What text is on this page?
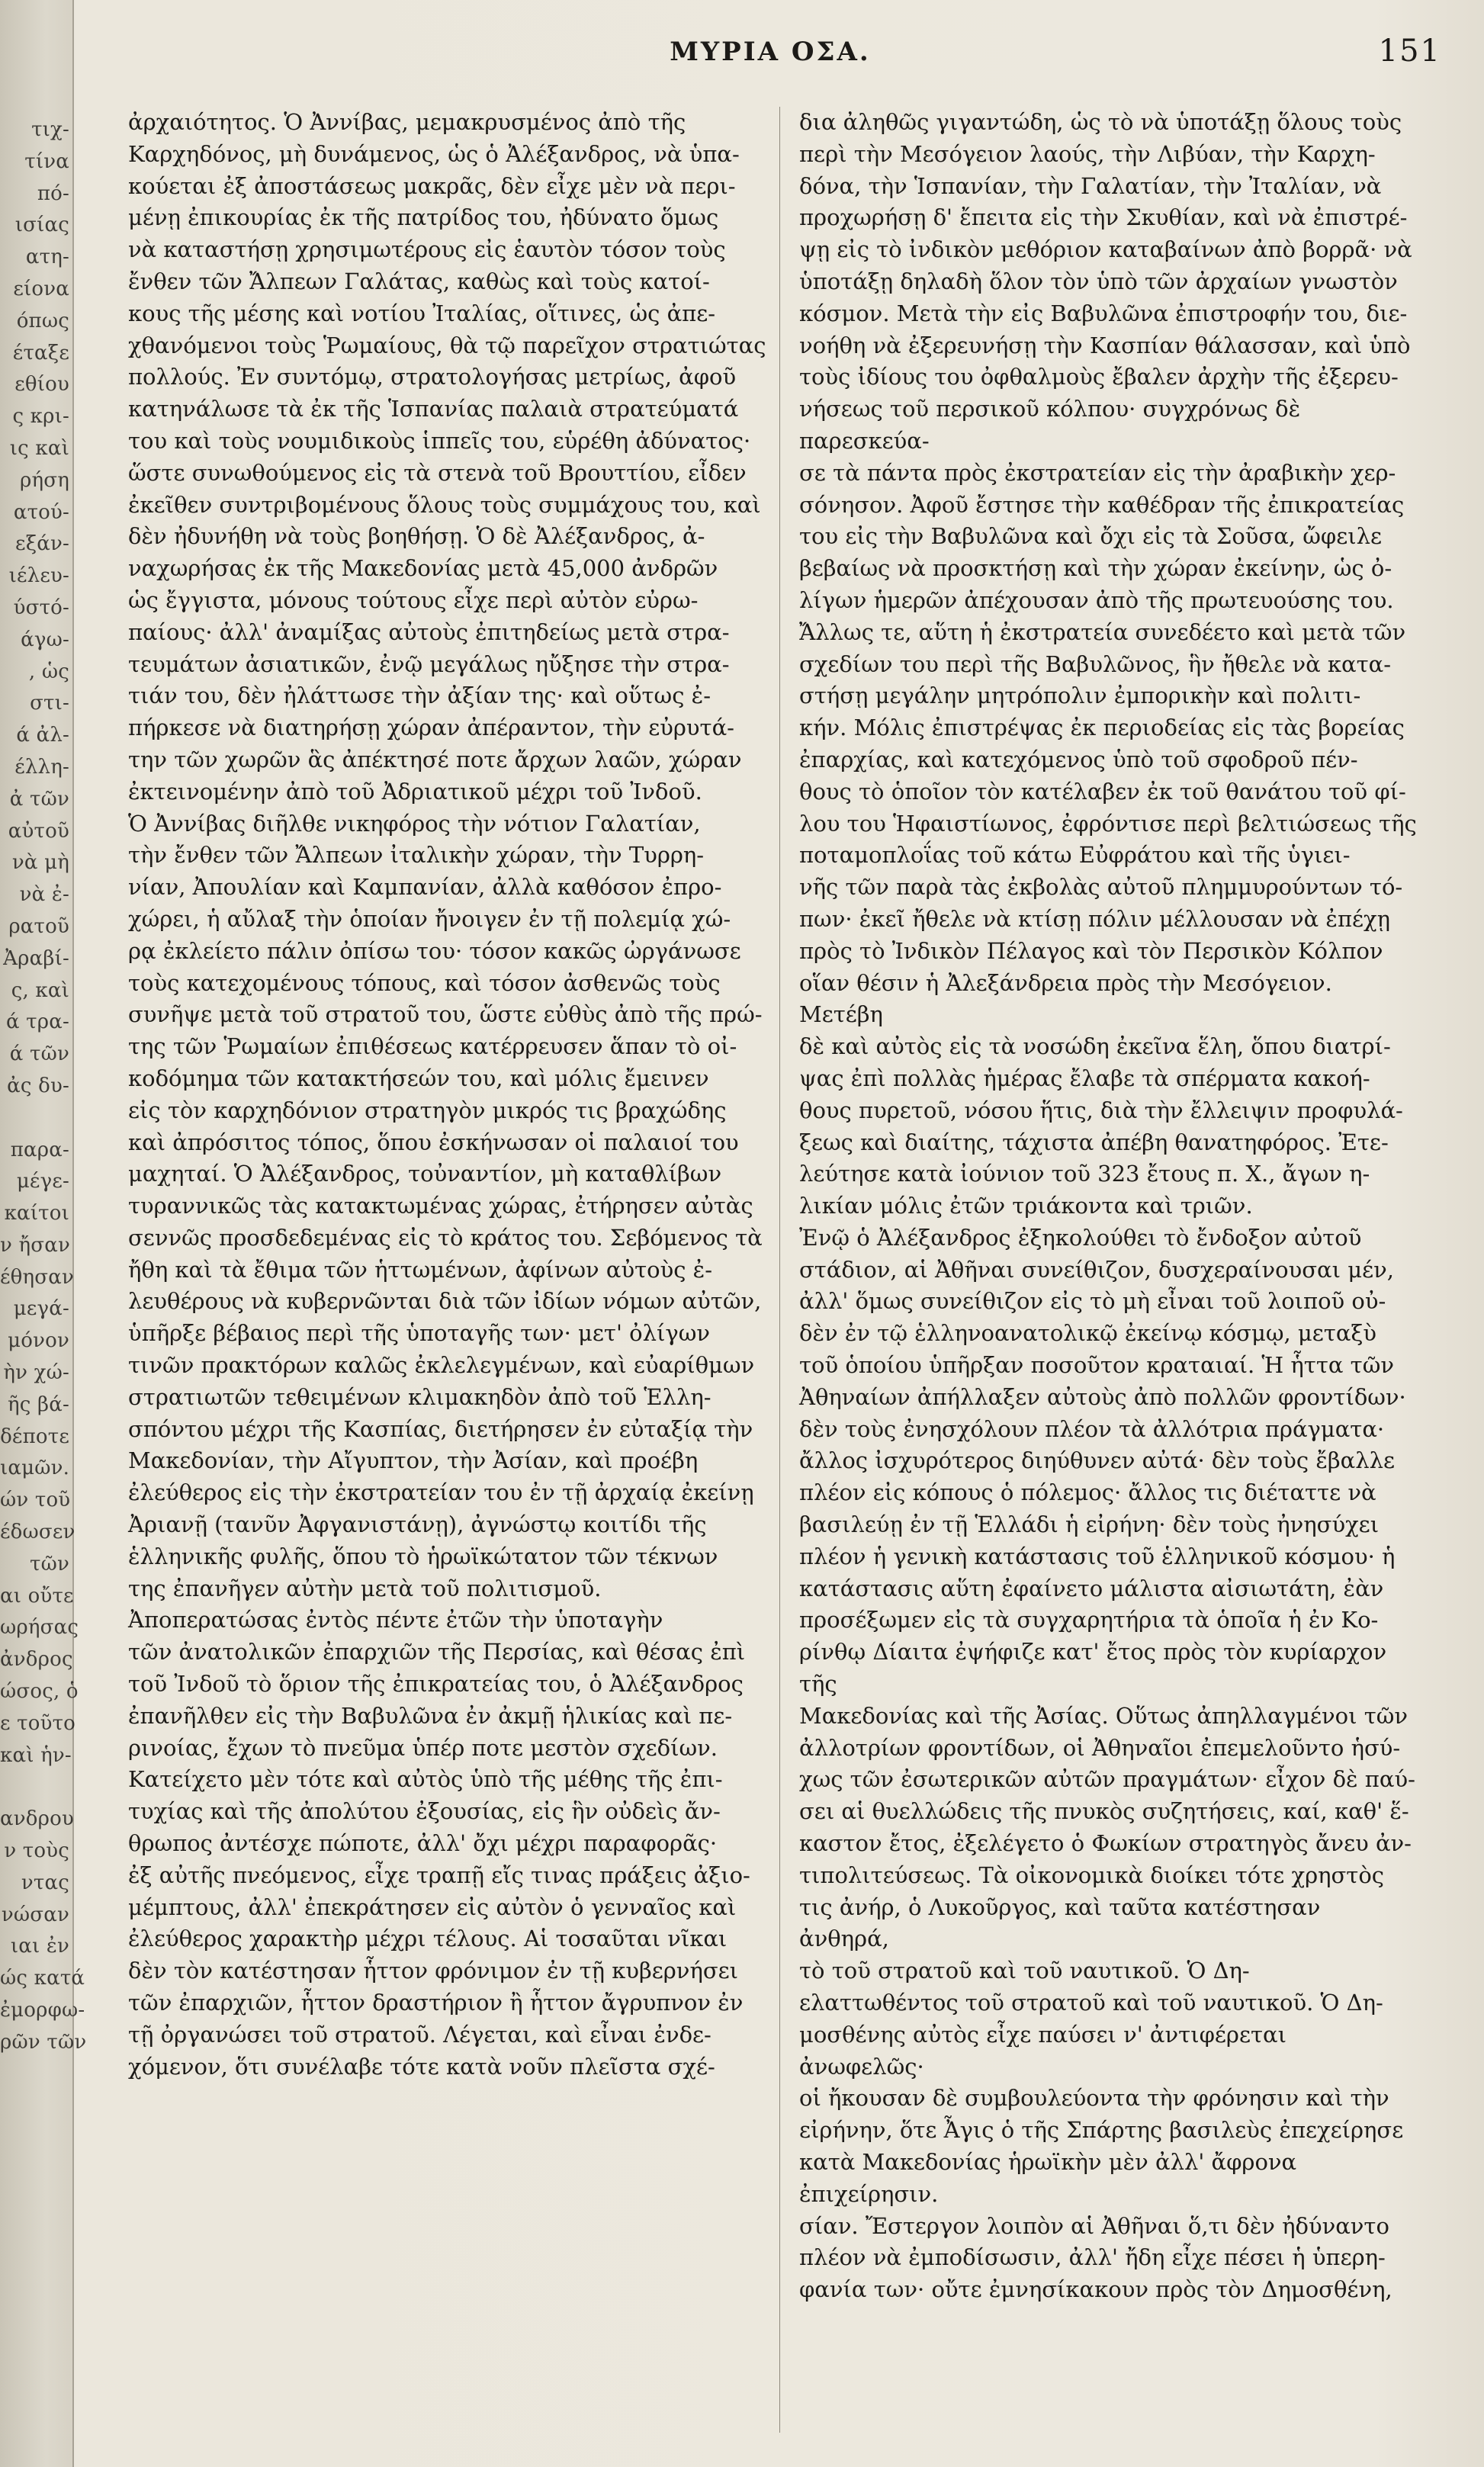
τιχ-
τίνα
πό-
ισίας
ατη-
είονα
όπως
έταξε
εθίου
ς κρι-
ις καὶ
ρήση
ατού-
εξάν-
ιέλευ-
ύστό-
άγω-
, ὡς
στι-
ά ἀλ-
έλλη-
ἀ τῶν
αὐτοῦ
νὰ μὴ
νὰ ἐ-
ρατοῦ
Ἀραβί-
ς, καὶ
ά τρα-
ά τῶν
ἀς δυ-
παρα-
μέγε-
καίτοι
ν ἤσαν
έθησαν
μεγά-
μόνον
ὴν χώ-
ῆς βά-
δέποτε
ιαμῶν.
ών τοῦ
έδωσεν
τῶν
αι οὔτε
ωρήσας
ἀνδρος
ώσος, ὁ
ε τοῦτο
καὶ ἡν-
ανδρου
ν τοὺς
ντας
νώσαν
ιαι ἐν
ώς κατά
ἐμορφω-
ρῶν τῶν
ΜΥΡΙΑ ΟΣΑ.	151

ἀρχαιότητος. Ὁ Ἀννίβας, μεμακρυσμένος ἀπὸ τῆς
Καρχηδόνος, μὴ δυνάμενος, ὡς ὁ Ἀλέξανδρος, νὰ ὑπα-
κούεται ἐξ ἀποστάσεως μακρᾶς, δὲν εἶχε μὲν νὰ περι-
μένῃ ἐπικουρίας ἐκ τῆς πατρίδος του, ἠδύνατο ὅμως
νὰ καταστήσῃ χρησιμωτέρους εἰς ἑαυτὸν τόσον τοὺς
ἔνθεν τῶν Ἄλπεων Γαλάτας, καθὼς καὶ τοὺς κατοί-
κους τῆς μέσης καὶ νοτίου Ἰταλίας, οἵτινες, ὡς ἀπε-
χθανόμενοι τοὺς Ῥωμαίους, θὰ τῷ παρεῖχον στρατιώτας
πολλούς. Ἐν συντόμῳ, στρατολογήσας μετρίως, ἀφοῦ
κατηνάλωσε τὰ ἐκ τῆς Ἱσπανίας παλαιὰ στρατεύματά
του καὶ τοὺς νουμιδικοὺς ἱππεῖς του, εὑρέθη ἀδύνατος·
ὥστε συνωθούμενος εἰς τὰ στενὰ τοῦ Βρουττίου, εἶδεν
ἐκεῖθεν συντριβομένους ὅλους τοὺς συμμάχους του, καὶ
δὲν ἠδυνήθη νὰ τοὺς βοηθήσῃ. Ὁ δὲ Ἀλέξανδρος, ἀ-
ναχωρήσας ἐκ τῆς Μακεδονίας μετὰ 45,000 ἀνδρῶν
ὡς ἔγγιστα, μόνους τούτους εἶχε περὶ αὐτὸν εὐρω-
παίους· ἀλλ' ἀναμίξας αὐτοὺς ἐπιτηδείως μετὰ στρα-
τευμάτων ἀσιατικῶν, ἐνῷ μεγάλως ηὔξησε τὴν στρα-
τιάν του, δὲν ἠλάττωσε τὴν ἀξίαν της· καὶ οὕτως ἐ-
πήρκεσε νὰ διατηρήσῃ χώραν ἀπέραντον, τὴν εὐρυτά-
την τῶν χωρῶν ἃς ἀπέκτησέ ποτε ἄρχων λαῶν, χώραν
ἐκτεινομένην ἀπὸ τοῦ Ἀδριατικοῦ μέχρι τοῦ Ἰνδοῦ.

Ὁ Ἀννίβας διῆλθε νικηφόρος τὴν νότιον Γαλατίαν,
τὴν ἔνθεν τῶν Ἄλπεων ἰταλικὴν χώραν, τὴν Τυρρη-
νίαν, Ἀπουλίαν καὶ Καμπανίαν, ἀλλὰ καθόσον ἐπρο-
χώρει, ἡ αὔλαξ τὴν ὁποίαν ἤνοιγεν ἐν τῇ πολεμίᾳ χώ-
ρᾳ ἐκλείετο πάλιν ὀπίσω του· τόσον κακῶς ὠργάνωσε
τοὺς κατεχομένους τόπους, καὶ τόσον ἀσθενῶς τοὺς
συνῆψε μετὰ τοῦ στρατοῦ του, ὥστε εὐθὺς ἀπὸ τῆς πρώ-
της τῶν Ῥωμαίων ἐπιθέσεως κατέρρευσεν ἅπαν τὸ οἰ-
κοδόμημα τῶν κατακτήσεών του, καὶ μόλις ἔμεινεν
εἰς τὸν καρχηδόνιον στρατηγὸν μικρός τις βραχώδης
καὶ ἀπρόσιτος τόπος, ὅπου ἐσκήνωσαν οἱ παλαιοί του
μαχηταί. Ὁ Ἀλέξανδρος, τοὐναντίον, μὴ καταθλίβων
τυραννικῶς τὰς κατακτωμένας χώρας, ἐτήρησεν αὐτὰς
σεννῶς προσδεδεμένας εἰς τὸ κράτος του. Σεβόμενος τὰ
ἤθη καὶ τὰ ἔθιμα τῶν ἡττωμένων, ἀφίνων αὐτοὺς ἐ-
λευθέρους νὰ κυβερνῶνται διὰ τῶν ἰδίων νόμων αὐτῶν,
ὑπῆρξε βέβαιος περὶ τῆς ὑποταγῆς των· μετ' ὀλίγων
τινῶν πρακτόρων καλῶς ἐκλελεγμένων, καὶ εὐαρίθμων
στρατιωτῶν τεθειμένων κλιμακηδὸν ἀπὸ τοῦ Ἑλλη-
σπόντου μέχρι τῆς Κασπίας, διετήρησεν ἐν εὐταξίᾳ τὴν
Μακεδονίαν, τὴν Αἴγυπτον, τὴν Ἀσίαν, καὶ προέβη
ἐλεύθερος εἰς τὴν ἐκστρατείαν του ἐν τῇ ἀρχαίᾳ ἐκείνῃ
Ἀριανῇ (τανῦν Ἀφγανιστάνῃ), ἀγνώστῳ κοιτίδι τῆς
ἑλληνικῆς φυλῆς, ὅπου τὸ ἡρωϊκώτατον τῶν τέκνων
της ἐπανῆγεν αὐτὴν μετὰ τοῦ πολιτισμοῦ.

Ἀποπερατώσας ἐντὸς πέντε ἐτῶν τὴν ὑποταγὴν
τῶν ἀνατολικῶν ἐπαρχιῶν τῆς Περσίας, καὶ θέσας ἐπὶ
τοῦ Ἰνδοῦ τὸ ὅριον τῆς ἐπικρατείας του, ὁ Ἀλέξανδρος
ἐπανῆλθεν εἰς τὴν Βαβυλῶνα ἐν ἀκμῇ ἡλικίας καὶ πε-
ρινοίας, ἔχων τὸ πνεῦμα ὑπέρ ποτε μεστὸν σχεδίων.
Κατείχετο μὲν τότε καὶ αὐτὸς ὑπὸ τῆς μέθης τῆς ἐπι-
τυχίας καὶ τῆς ἀπολύτου ἐξουσίας, εἰς ἣν οὐδεὶς ἄν-
θρωπος ἀντέσχε πώποτε, ἀλλ' ὄχι μέχρι παραφορᾶς·
ἐξ αὐτῆς πνεόμενος, εἶχε τραπῇ εἴς τινας πράξεις ἀξιο-
μέμπτους, ἀλλ' ἐπεκράτησεν εἰς αὐτὸν ὁ γενναῖος καὶ
ἐλεύθερος χαρακτὴρ μέχρι τέλους. Αἱ τοσαῦται νῖκαι
δὲν τὸν κατέστησαν ἧττον φρόνιμον ἐν τῇ κυβερνήσει
τῶν ἐπαρχιῶν, ἧττον δραστήριον ἢ ἧττον ἄγρυπνον ἐν
τῇ ὀργανώσει τοῦ στρατοῦ. Λέγεται, καὶ εἶναι ἐνδε-
χόμενον, ὅτι συνέλαβε τότε κατὰ νοῦν πλεῖστα σχέ-

δια ἀληθῶς γιγαντώδη, ὡς τὸ νὰ ὑποτάξῃ ὅλους τοὺς
περὶ τὴν Μεσόγειον λαούς, τὴν Λιβύαν, τὴν Καρχη-
δόνα, τὴν Ἱσπανίαν, τὴν Γαλατίαν, τὴν Ἰταλίαν, νὰ
προχωρήσῃ δ' ἔπειτα εἰς τὴν Σκυθίαν, καὶ νὰ ἐπιστρέ-
ψῃ εἰς τὸ ἰνδικὸν μεθόριον καταβαίνων ἀπὸ βορρᾶ· νὰ
ὑποτάξῃ δηλαδὴ ὅλον τὸν ὑπὸ τῶν ἀρχαίων γνωστὸν
κόσμον. Μετὰ τὴν εἰς Βαβυλῶνα ἐπιστροφήν του, διε-
νοήθη νὰ ἐξερευνήσῃ τὴν Κασπίαν θάλασσαν, καὶ ὑπὸ
τοὺς ἰδίους του ὀφθαλμοὺς ἔβαλεν ἀρχὴν τῆς ἐξερευ-
νήσεως τοῦ περσικοῦ κόλπου· συγχρόνως δὲ παρεσκεύα-
σε τὰ πάντα πρὸς ἐκστρατείαν εἰς τὴν ἀραβικὴν χερ-
σόνησον. Ἀφοῦ ἔστησε τὴν καθέδραν τῆς ἐπικρατείας
του εἰς τὴν Βαβυλῶνα καὶ ὄχι εἰς τὰ Σοῦσα, ὤφειλε
βεβαίως νὰ προσκτήσῃ καὶ τὴν χώραν ἐκείνην, ὡς ὀ-
λίγων ἡμερῶν ἀπέχουσαν ἀπὸ τῆς πρωτευούσης του.
Ἄλλως τε, αὕτη ἡ ἐκστρατεία συνεδέετο καὶ μετὰ τῶν
σχεδίων του περὶ τῆς Βαβυλῶνος, ἣν ἤθελε νὰ κατα-
στήσῃ μεγάλην μητρόπολιν ἐμπορικὴν καὶ πολιτι-
κήν. Μόλις ἐπιστρέψας ἐκ περιοδείας εἰς τὰς βορείας
ἐπαρχίας, καὶ κατεχόμενος ὑπὸ τοῦ σφοδροῦ πέν-
θους τὸ ὁποῖον τὸν κατέλαβεν ἐκ τοῦ θανάτου τοῦ φί-
λου του Ἡφαιστίωνος, ἐφρόντισε περὶ βελτιώσεως τῆς
ποταμοπλοΐας τοῦ κάτω Εὐφράτου καὶ τῆς ὑγιει-
νῆς τῶν παρὰ τὰς ἐκβολὰς αὐτοῦ πλημμυρούντων τό-
πων· ἐκεῖ ἤθελε νὰ κτίσῃ πόλιν μέλλουσαν νὰ ἐπέχῃ
πρὸς τὸ Ἰνδικὸν Πέλαγος καὶ τὸν Περσικὸν Κόλπον
οἵαν θέσιν ἡ Ἀλεξάνδρεια πρὸς τὴν Μεσόγειον. Μετέβη
δὲ καὶ αὐτὸς εἰς τὰ νοσώδη ἐκεῖνα ἕλη, ὅπου διατρί-
ψας ἐπὶ πολλὰς ἡμέρας ἔλαβε τὰ σπέρματα κακοή-
θους πυρετοῦ, νόσου ἥτις, διὰ τὴν ἔλλειψιν προφυλά-
ξεως καὶ διαίτης, τάχιστα ἀπέβη θανατηφόρος. Ἐτε-
λεύτησε κατὰ ἰούνιον τοῦ 323 ἔτους π. Χ., ἄγων η-
λικίαν μόλις ἐτῶν τριάκοντα καὶ τριῶν.

Ἐνῷ ὁ Ἀλέξανδρος ἐξηκολούθει τὸ ἔνδοξον αὐτοῦ
στάδιον, αἱ Ἀθῆναι συνείθιζον, δυσχεραίνουσαι μέν,
ἀλλ' ὅμως συνείθιζον εἰς τὸ μὴ εἶναι τοῦ λοιποῦ οὐ-
δὲν ἐν τῷ ἑλληνοανατολικῷ ἐκείνῳ κόσμῳ, μεταξὺ
τοῦ ὁποίου ὑπῆρξαν ποσοῦτον κραταιαί. Ἡ ἧττα τῶν
Ἀθηναίων ἀπήλλαξεν αὐτοὺς ἀπὸ πολλῶν φροντίδων·
δὲν τοὺς ἐνησχόλουν πλέον τὰ ἀλλότρια πράγματα·
ἄλλος ἰσχυρότερος διηύθυνεν αὐτά· δὲν τοὺς ἔβαλλε
πλέον εἰς κόπους ὁ πόλεμος· ἄλλος τις διέταττε νὰ
βασιλεύῃ ἐν τῇ Ἑλλάδι ἡ εἰρήνη· δὲν τοὺς ἠνησύχει
πλέον ἡ γενικὴ κατάστασις τοῦ ἑλληνικοῦ κόσμου· ἡ
κατάστασις αὕτη ἐφαίνετο μάλιστα αἰσιωτάτη, ἐὰν
προσέξωμεν εἰς τὰ συγχαρητήρια τὰ ὁποῖα ἡ ἐν Κο-
ρίνθῳ Δίαιτα ἐψήφιζε κατ' ἔτος πρὸς τὸν κυρίαρχον τῆς
Μακεδονίας καὶ τῆς Ἀσίας. Οὕτως ἀπηλλαγμένοι τῶν
ἀλλοτρίων φροντίδων, οἱ Ἀθηναῖοι ἐπεμελοῦντο ἡσύ-
χως τῶν ἐσωτερικῶν αὐτῶν πραγμάτων· εἶχον δὲ παύ-
σει αἱ θυελλώδεις τῆς πνυκὸς συζητήσεις, καί, καθ' ἕ-
καστον ἔτος, ἐξελέγετο ὁ Φωκίων στρατηγὸς ἄνευ ἀν-
τιπολιτεύσεως. Τὰ οἰκονομικὰ διοίκει τότε χρηστὸς
τις ἀνήρ, ὁ Λυκοῦργος, καὶ ταῦτα κατέστησαν ἀνθηρά,
τὸ τοῦ στρατοῦ καὶ τοῦ ναυτικοῦ. Ὁ Δη-
ελαττωθέντος τοῦ στρατοῦ καὶ τοῦ ναυτικοῦ. Ὁ Δη-
μοσθένης αὐτὸς εἶχε παύσει ν' ἀντιφέρεται ἀνωφελῶς·
οἱ ἤκουσαν δὲ συμβουλεύοντα τὴν φρόνησιν καὶ τὴν
εἰρήνην, ὅτε Ἆγις ὁ τῆς Σπάρτης βασιλεὺς ἐπεχείρησε
κατὰ Μακεδονίας ἡρωϊκὴν μὲν ἀλλ' ἄφρονα ἐπιχείρησιν.
σίαν. Ἔστεργον λοιπὸν αἱ Ἀθῆναι ὅ,τι δὲν ἠδύναντο
πλέον νὰ ἐμποδίσωσιν, ἀλλ' ἤδη εἶχε πέσει ἡ ὑπερη-
φανία των· οὔτε ἐμνησίκακουν πρὸς τὸν Δημοσθένη,
